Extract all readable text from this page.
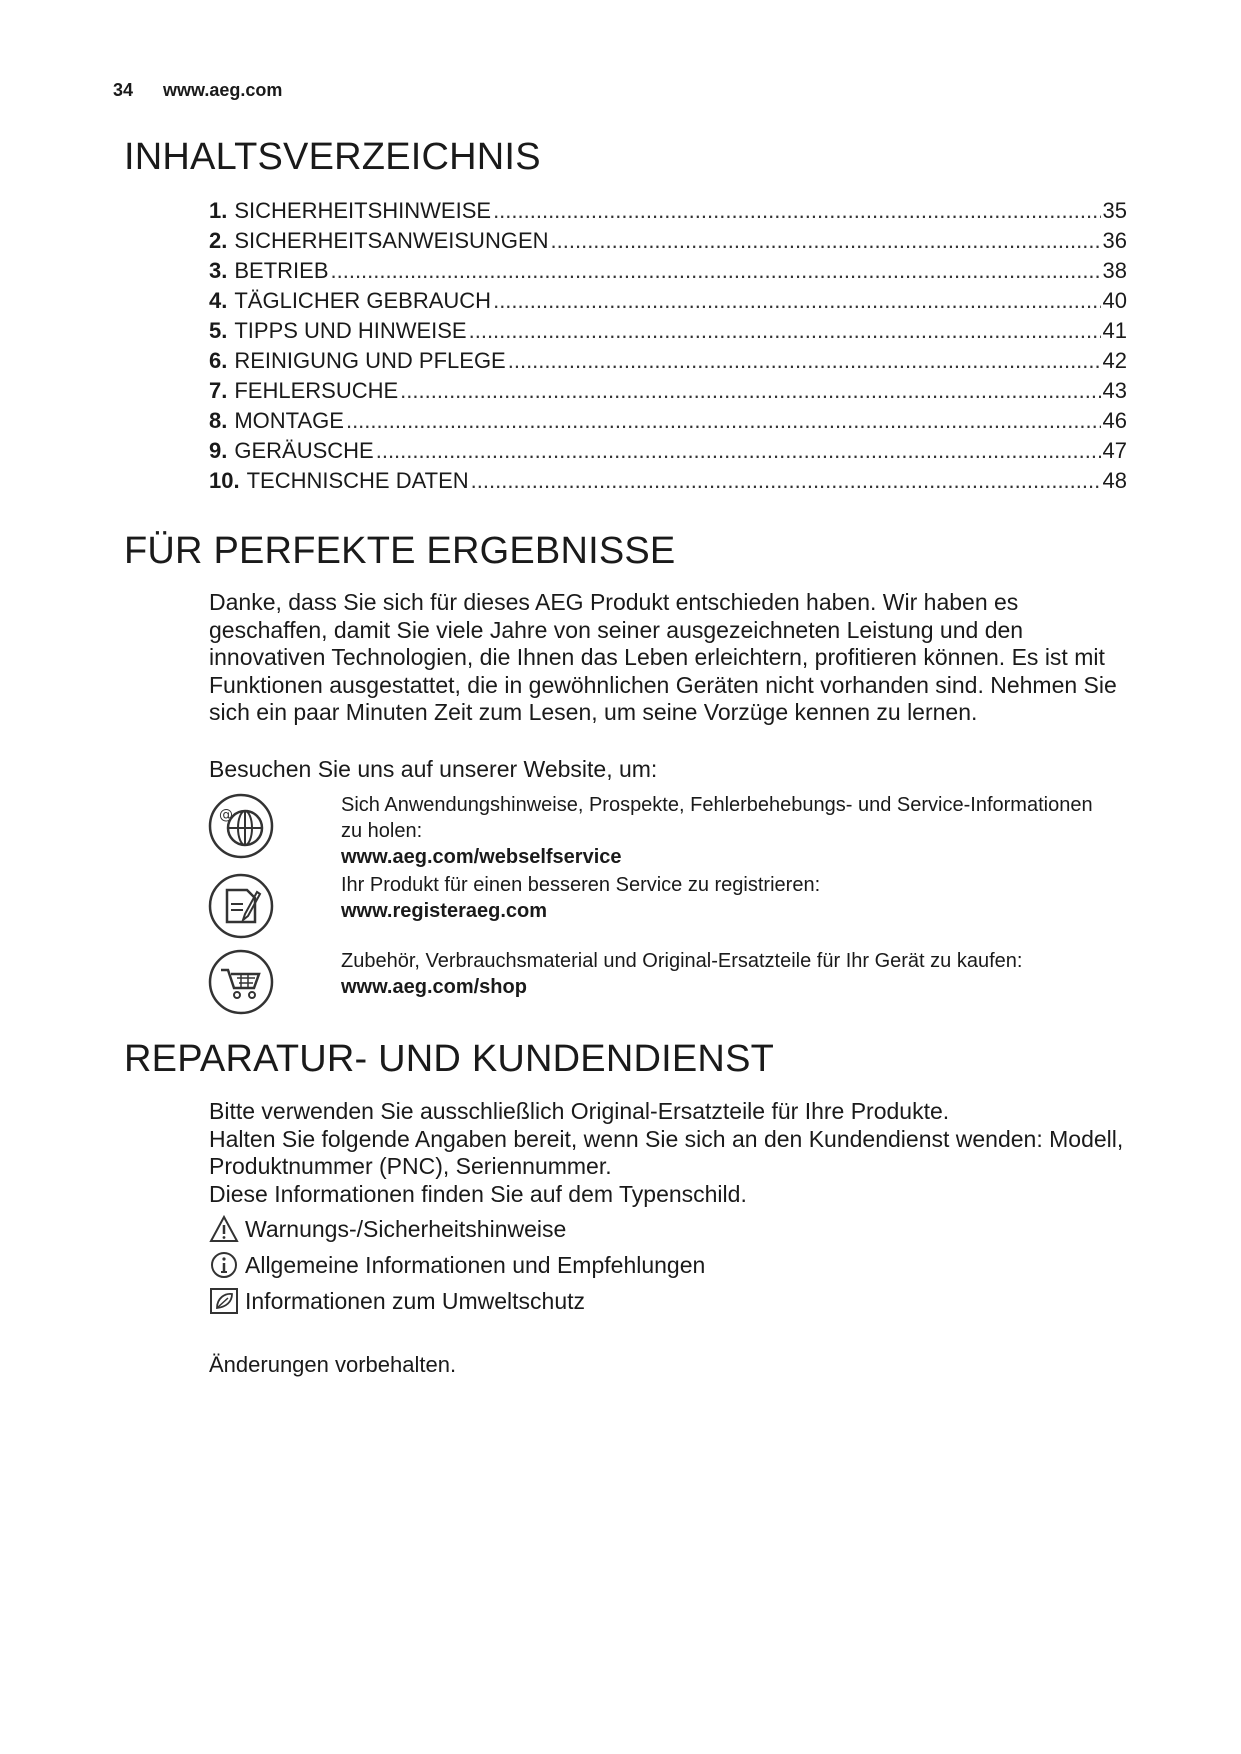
34 www.aeg.com
INHALTSVERZEICHNIS
1. SICHERHEITSHINWEISE .....	35
2. SICHERHEITSANWEISUNGEN .....	36
3. BETRIEB .....	38
4. TÄGLICHER GEBRAUCH .....	40
5. TIPPS UND HINWEISE .....	41
6. REINIGUNG UND PFLEGE .....	42
7. FEHLERSUCHE .....	43
8. MONTAGE .....	46
9. GERÄUSCHE .....	47
10. TECHNISCHE DATEN .....	48
FÜR PERFEKTE ERGEBNISSE
Danke, dass Sie sich für dieses AEG Produkt entschieden haben. Wir haben es geschaffen, damit Sie viele Jahre von seiner ausgezeichneten Leistung und den innovativen Technologien, die Ihnen das Leben erleichtern, profitieren können. Es ist mit Funktionen ausgestattet, die in gewöhnlichen Geräten nicht vorhanden sind. Nehmen Sie sich ein paar Minuten Zeit zum Lesen, um seine Vorzüge kennen zu lernen.
Besuchen Sie uns auf unserer Website, um:
@	Sich Anwendungshinweise, Prospekte, Fehlerbehebungs- und Service-Informationen zu holen:
www.aeg.com/webselfservice
Ihr Produkt für einen besseren Service zu registrieren:
www.registeraeg.com
Zubehör, Verbrauchsmaterial und Original-Ersatzteile für Ihr Gerät zu kaufen:
www.aeg.com/shop
REPARATUR- UND KUNDENDIENST
Bitte verwenden Sie ausschließlich Original-Ersatzteile für Ihre Produkte.
Halten Sie folgende Angaben bereit, wenn Sie sich an den Kundendienst wenden: Modell, Produktnummer (PNC), Seriennummer.
Diese Informationen finden Sie auf dem Typenschild.
Warnungs-/Sicherheitshinweise
Allgemeine Informationen und Empfehlungen
Informationen zum Umweltschutz
Änderungen vorbehalten.
